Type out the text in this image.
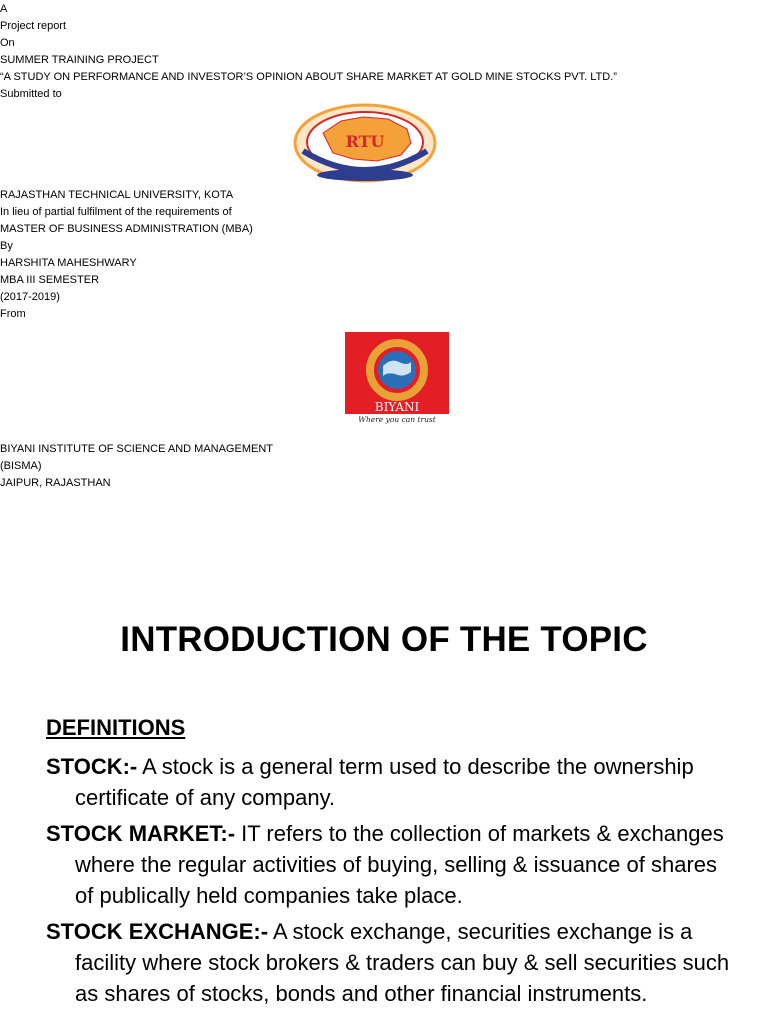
A
Project report
On
SUMMER TRAINING PROJECT
“A STUDY ON PERFORMANCE AND INVESTOR’S OPINION ABOUT SHARE MARKET AT GOLD MINE STOCKS PVT. LTD.”
Submitted to
RTU
RAJASTHAN TECHNICAL UNIVERSITY, KOTA
In lieu of partial fulfilment of the requirements of
MASTER OF BUSINESS ADMINISTRATION (MBA)
By
HARSHITA MAHESHWARY
MBA III SEMESTER
(2017-2019)
From
BIYANI
Where you can trust
BIYANI INSTITUTE OF SCIENCE AND MANAGEMENT
(BISMA)
JAIPUR, RAJASTHAN
INTRODUCTION OF THE TOPIC
DEFINITIONS
STOCK:- A stock is a general term used to describe the ownership certificate of any company.
STOCK MARKET:- IT refers to the collection of markets & exchanges where the regular activities of buying, selling & issuance of shares of publically held companies take place.
STOCK EXCHANGE:- A stock exchange, securities exchange is a facility where stock brokers & traders can buy & sell securities such as shares of stocks, bonds and other financial instruments.
